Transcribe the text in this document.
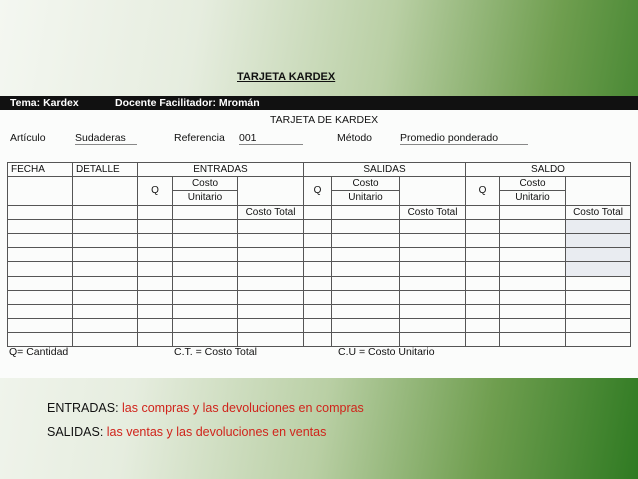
TARJETA KARDEX
Tema: Kardex	Docente Facilitador: Mromán
TARJETA DE KARDEX
Artículo	Sudaderas	Referencia 001	Método	Promedio ponderado
FECHA	DETALLE	ENTRADAS			SALIDAS			SALDO		
		Q	Costo		Q	Costo		Q	Costo	
			Unitario			Unitario			Unitario	
				Costo Total			Costo Total			Costo Total

Q= Cantidad	C.T. = Costo Total	C.U = Costo Unitario
ENTRADAS: las compras y las devoluciones en compras
SALIDAS: las ventas y las devoluciones en ventas
